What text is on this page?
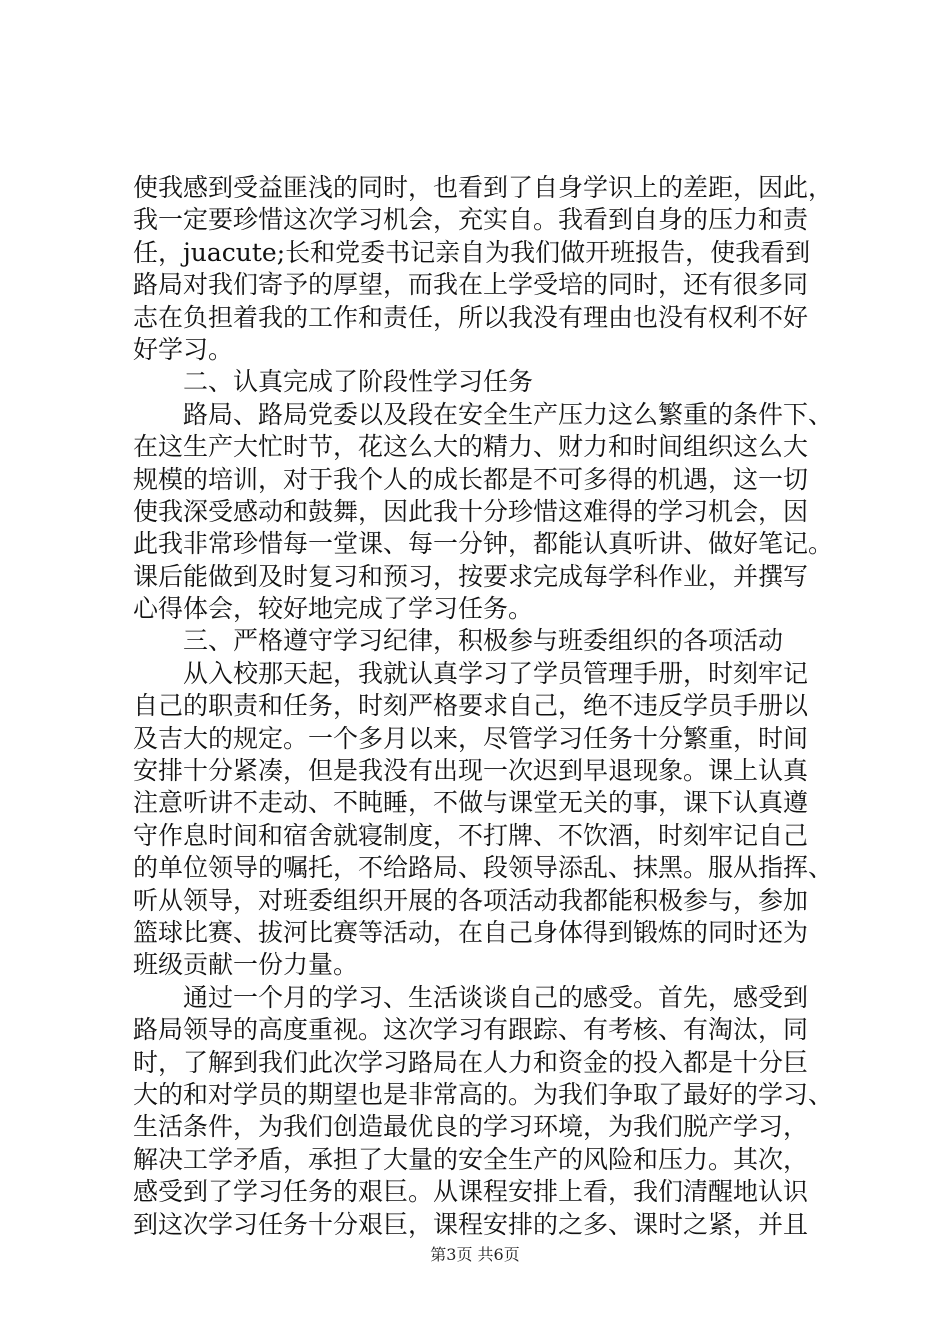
使我感到受益匪浅的同时，也看到了自身学识上的差距，因此，
我一定要珍惜这次学习机会，充实自。我看到自身的压力和责
任，juacute;长和党委书记亲自为我们做开班报告，使我看到
路局对我们寄予的厚望，而我在上学受培的同时，还有很多同
志在负担着我的工作和责任，所以我没有理由也没有权利不好
好学习。
二、认真完成了阶段性学习任务
路局、路局党委以及段在安全生产压力这么繁重的条件下、
在这生产大忙时节，花这么大的精力、财力和时间组织这么大
规模的培训，对于我个人的成长都是不可多得的机遇，这一切
使我深受感动和鼓舞，因此我十分珍惜这难得的学习机会，因
此我非常珍惜每一堂课、每一分钟，都能认真听讲、做好笔记。
课后能做到及时复习和预习，按要求完成每学科作业，并撰写
心得体会，较好地完成了学习任务。
三、严格遵守学习纪律，积极参与班委组织的各项活动
从入校那天起，我就认真学习了学员管理手册，时刻牢记
自己的职责和任务，时刻严格要求自己，绝不违反学员手册以
及吉大的规定。一个多月以来，尽管学习任务十分繁重，时间
安排十分紧凑，但是我没有出现一次迟到早退现象。课上认真
注意听讲不走动、不盹睡，不做与课堂无关的事，课下认真遵
守作息时间和宿舍就寝制度，不打牌、不饮酒，时刻牢记自己
的单位领导的嘱托，不给路局、段领导添乱、抹黑。服从指挥、
听从领导，对班委组织开展的各项活动我都能积极参与，参加
篮球比赛、拔河比赛等活动，在自己身体得到锻炼的同时还为
班级贡献一份力量。
通过一个月的学习、生活谈谈自己的感受。首先，感受到
路局领导的高度重视。这次学习有跟踪、有考核、有淘汰，同
时，了解到我们此次学习路局在人力和资金的投入都是十分巨
大的和对学员的期望也是非常高的。为我们争取了最好的学习、
生活条件，为我们创造最优良的学习环境，为我们脱产学习，
解决工学矛盾，承担了大量的安全生产的风险和压力。其次，
感受到了学习任务的艰巨。从课程安排上看，我们清醒地认识
到这次学习任务十分艰巨，课程安排的之多、课时之紧，并且
第3页 共6页
